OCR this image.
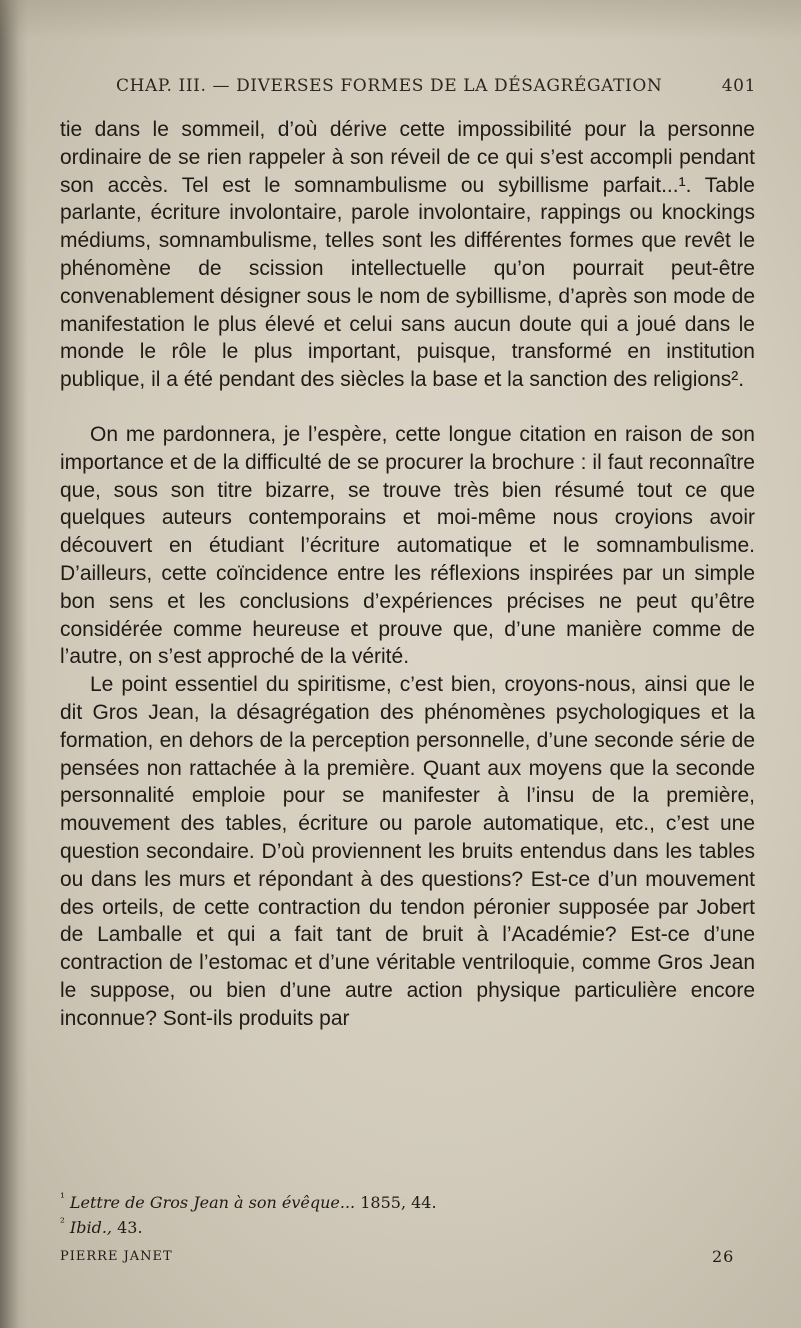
CHAP. III. — DIVERSES FORMES DE LA DÉSAGRÉGATION	401

tie dans le sommeil, d’où dérive cette impossibilité pour la personne ordinaire de se rien rappeler à son réveil de ce qui s’est accompli pendant son accès. Tel est le somnambulisme ou sybillisme parfait...¹. Table parlante, écriture involontaire, parole involontaire, rappings ou knockings médiums, somnambulisme, telles sont les différentes formes que revêt le phénomène de scission intellectuelle qu’on pourrait peut-être convenablement désigner sous le nom de sybillisme, d’après son mode de manifestation le plus élevé et celui sans aucun doute qui a joué dans le monde le rôle le plus important, puisque, transformé en institution publique, il a été pendant des siècles la base et la sanction des religions².

On me pardonnera, je l’espère, cette longue citation en raison de son importance et de la difficulté de se procurer la brochure : il faut reconnaître que, sous son titre bizarre, se trouve très bien résumé tout ce que quelques auteurs contemporains et moi-même nous croyions avoir découvert en étudiant l’écriture automatique et le somnambulisme. D’ailleurs, cette coïncidence entre les réflexions inspirées par un simple bon sens et les conclusions d’expériences précises ne peut qu’être considérée comme heureuse et prouve que, d’une manière comme de l’autre, on s’est approché de la vérité.

Le point essentiel du spiritisme, c’est bien, croyons-nous, ainsi que le dit Gros Jean, la désagrégation des phénomènes psychologiques et la formation, en dehors de la perception personnelle, d’une seconde série de pensées non rattachée à la première. Quant aux moyens que la seconde personnalité emploie pour se manifester à l’insu de la première, mouvement des tables, écriture ou parole automatique, etc., c’est une question secondaire. D’où proviennent les bruits entendus dans les tables ou dans les murs et répondant à des questions? Est-ce d’un mouvement des orteils, de cette contraction du tendon péronier supposée par Jobert de Lamballe et qui a fait tant de bruit à l’Académie? Est-ce d’une contraction de l’estomac et d’une véritable ventriloquie, comme Gros Jean le suppose, ou bien d’une autre action physique particulière encore inconnue? Sont-ils produits par

$^{^1}$ Lettre de Gros Jean à son évêque... 1855, 44.

$^{^2}$ Ibid., 43.

PIERRE JANET	26
